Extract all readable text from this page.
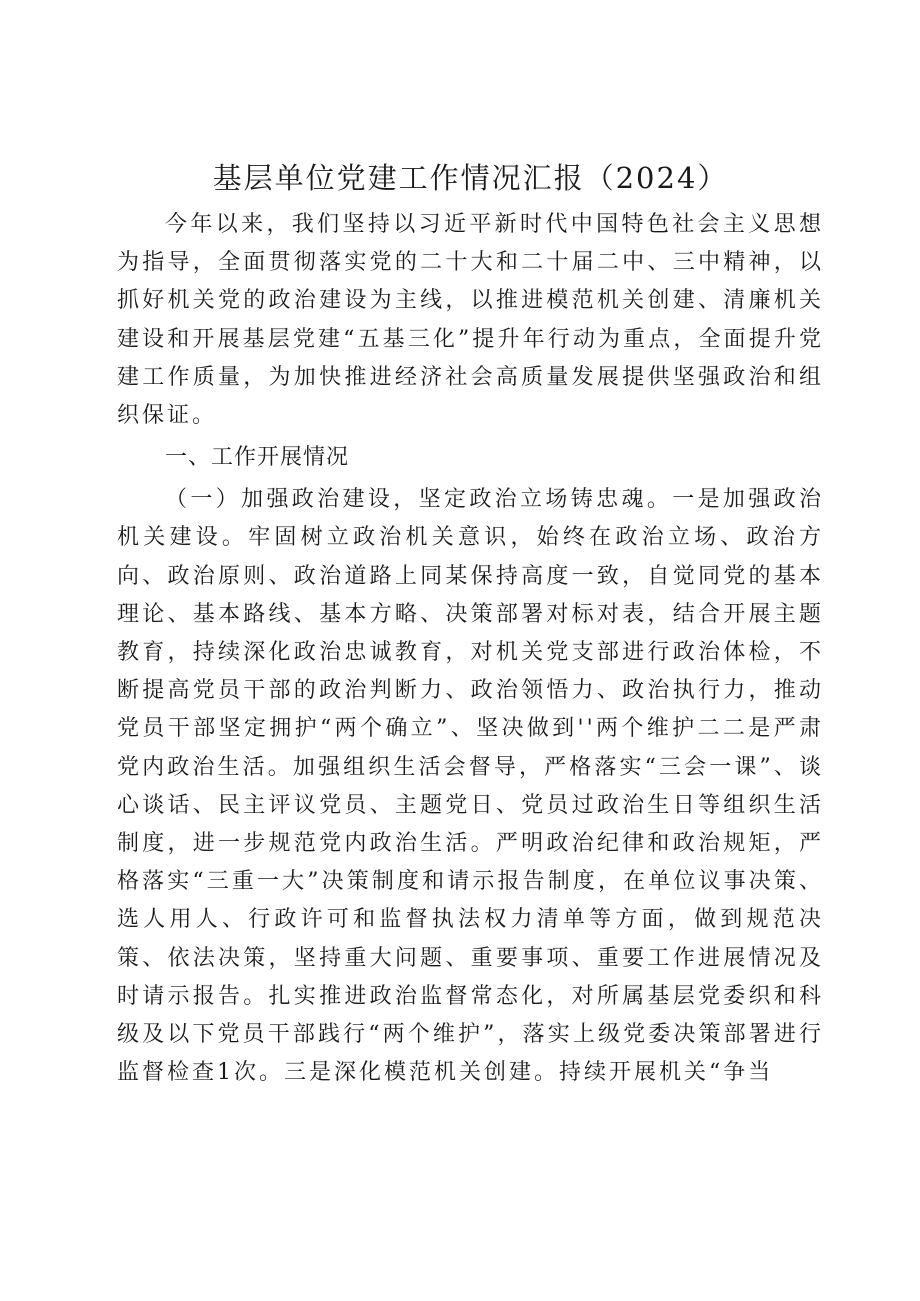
基层单位党建工作情况汇报（2024）

今年以来，我们坚持以习近平新时代中国特色社会主义思想为指导，全面贯彻落实党的二十大和二十届二中、三中精神，以抓好机关党的政治建设为主线，以推进模范机关创建、清廉机关建设和开展基层党建“五基三化”提升年行动为重点，全面提升党建工作质量，为加快推进经济社会高质量发展提供坚强政治和组织保证。

一、工作开展情况

（一）加强政治建设，坚定政治立场铸忠魂。一是加强政治机关建设。牢固树立政治机关意识，始终在政治立场、政治方向、政治原则、政治道路上同某保持高度一致，自觉同党的基本理论、基本路线、基本方略、决策部署对标对表，结合开展主题教育，持续深化政治忠诚教育，对机关党支部进行政治体检，不断提高党员干部的政治判断力、政治领悟力、政治执行力，推动党员干部坚定拥护“两个确立”、坚决做到''两个维护二二是严肃党内政治生活。加强组织生活会督导，严格落实“三会一课”、谈心谈话、民主评议党员、主题党日、党员过政治生日等组织生活制度，进一步规范党内政治生活。严明政治纪律和政治规矩，严格落实“三重一大”决策制度和请示报告制度，在单位议事决策、选人用人、行政许可和监督执法权力清单等方面，做到规范决策、依法决策，坚持重大问题、重要事项、重要工作进展情况及时请示报告。扎实推进政治监督常态化，对所属基层党委织和科级及以下党员干部践行“两个维护”，落实上级党委决策部署进行监督检查1次。三是深化模范机关创建。持续开展机关“争当
